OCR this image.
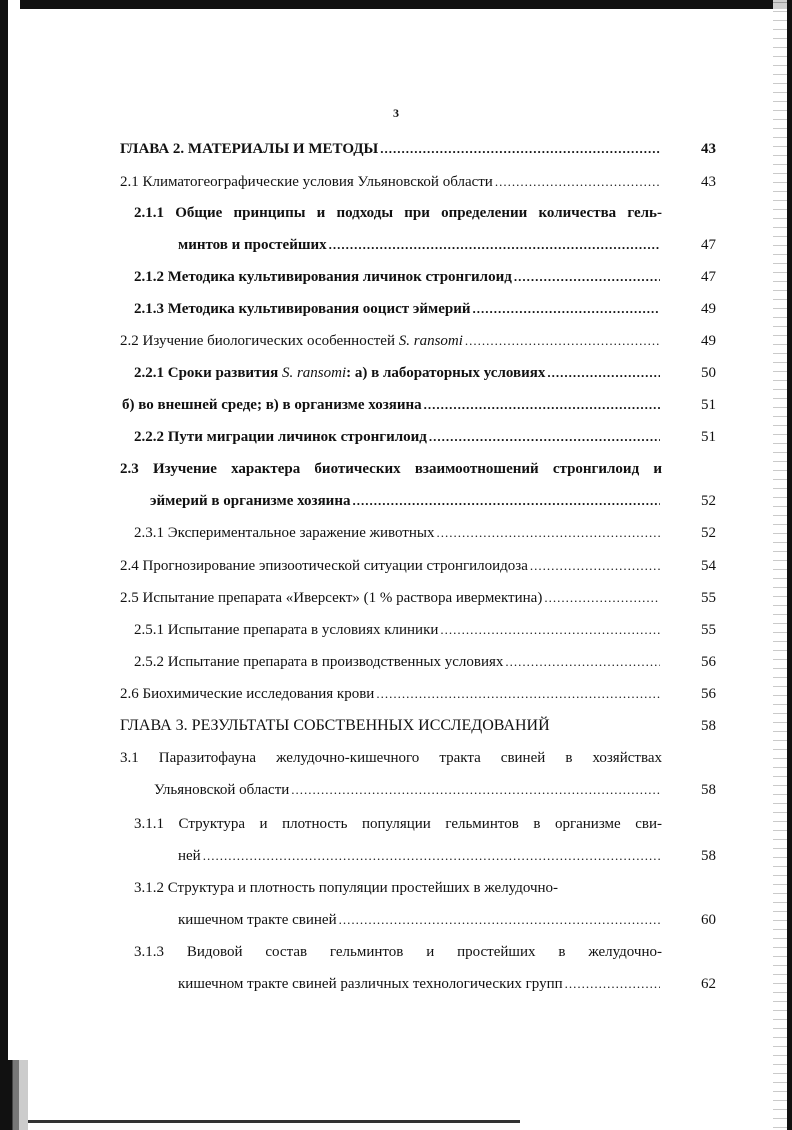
3
ГЛАВА 2. МАТЕРИАЛЫ И МЕТОДЫ .....	43
2.1 Климатогеографические условия Ульяновской области .....	43
2.1.1 Общие принципы и подходы при определении количества гель-
минтов и простейших .....	47
2.1.2 Методика культивирования личинок стронгилоид .....	47
2.1.3 Методика культивирования ооцист эймерий .....	49
2.2 Изучение биологических особенностей S. ransomi .....	49
2.2.1 Сроки развития S. ransomi: а) в лабораторных условиях .....	50
б) во внешней среде; в) в организме хозяина .....	51
2.2.2 Пути миграции личинок стронгилоид .....	51
2.3 Изучение характера биотических взаимоотношений стронгилоид и
эймерий в организме хозяина .....	52
2.3.1 Экспериментальное заражение животных .....	52
2.4 Прогнозирование эпизоотической ситуации стронгилоидоза .....	54
2.5 Испытание препарата «Иверсект» (1 % раствора ивермектина) .....	55
2.5.1 Испытание препарата в условиях клиники .....	55
2.5.2 Испытание препарата в производственных условиях .....	56
2.6 Биохимические исследования крови .....	56
ГЛАВА 3. РЕЗУЛЬТАТЫ СОБСТВЕННЫХ ИССЛЕДОВАНИЙ	58
3.1 Паразитофауна желудочно-кишечного тракта свиней в хозяйствах
Ульяновской области .....	58
3.1.1 Структура и плотность популяции гельминтов в организме сви-
ней .....	58
3.1.2 Структура и плотность популяции простейших в желудочно-
кишечном тракте свиней .....	60
3.1.3 Видовой состав гельминтов и простейших в желудочно-
кишечном тракте свиней различных технологических групп .....	62
